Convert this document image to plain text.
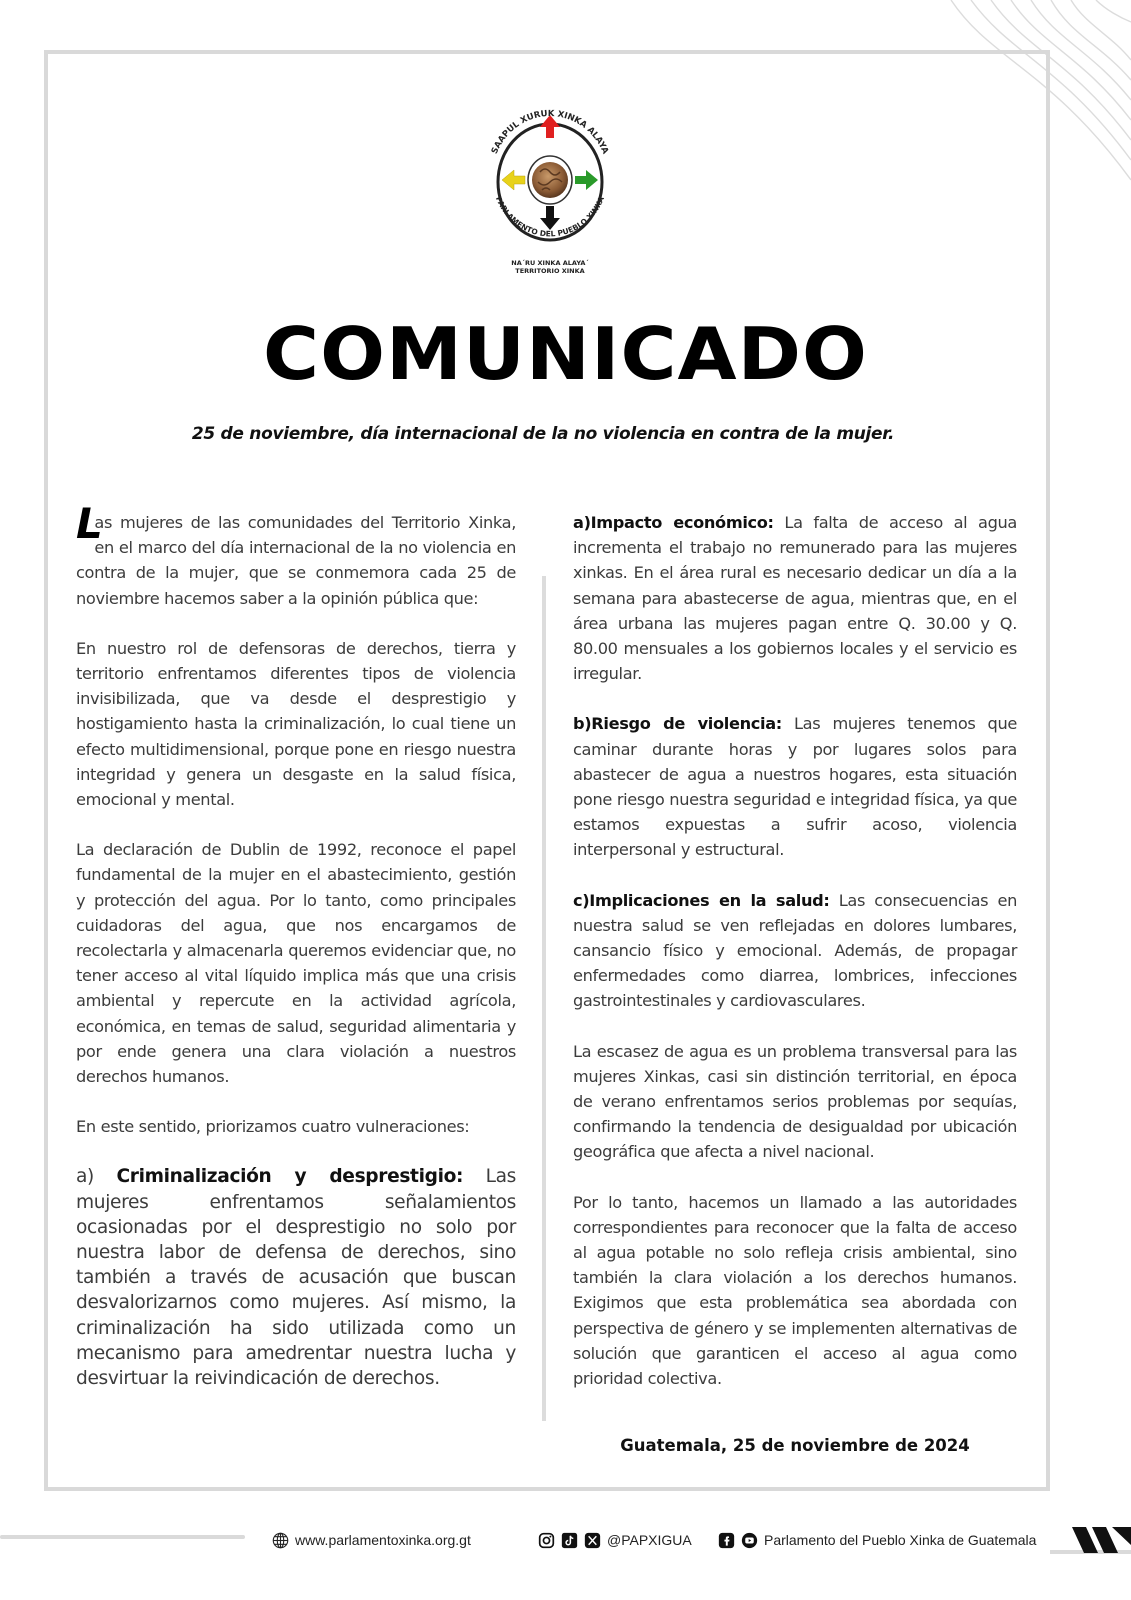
SAAPUL XURUK XINKA ALAYA
PARLAMENTO DEL PUEBLO XINKA
NA´RU XINKA ALAYA´
TERRITORIO XINKA
COMUNICADO
25 de noviembre, día internacional de la no violencia en contra de la mujer.

L
as mujeres de las comunidades del Territorio Xinka, en el marco del día internacional de la no violencia en contra de la mujer, que se conmemora cada 25 de noviembre hacemos saber a la opinión pública que:

En nuestro rol de defensoras de derechos, tierra y territorio enfrentamos diferentes tipos de violencia invisibilizada, que va desde el desprestigio y hostigamiento hasta la criminalización, lo cual tiene un efecto multidimensional, porque pone en riesgo nuestra integridad y genera un desgaste en la salud física, emocional y mental.

La declaración de Dublin de 1992, reconoce el papel fundamental de la mujer en el abastecimiento, gestión y protección del agua. Por lo tanto, como principales cuidadoras del agua, que nos encargamos de recolectarla y almacenarla queremos evidenciar que, no tener acceso al vital líquido implica más que una crisis ambiental y repercute en la actividad agrícola, económica, en temas de salud, seguridad alimentaria y por ende genera una clara violación a nuestros derechos humanos.

En este sentido, priorizamos cuatro vulneraciones:

a) Criminalización y desprestigio: Las mujeres enfrentamos señalamientos ocasionadas por el desprestigio no solo por nuestra labor de defensa de derechos, sino también a través de acusación que buscan desvalorizarnos como mujeres. Así mismo, la criminalización ha sido utilizada como un mecanismo para amedrentar nuestra lucha y desvirtuar la reivindicación de derechos.

a)Impacto económico: La falta de acceso al agua incrementa el trabajo no remunerado para las mujeres xinkas. En el área rural es necesario dedicar un día a la semana para abastecerse de agua, mientras que, en el área urbana las mujeres pagan entre Q. 30.00 y Q. 80.00 mensuales a los gobiernos locales y el servicio es irregular.

b)Riesgo de violencia: Las mujeres tenemos que caminar durante horas y por lugares solos para abastecer de agua a nuestros hogares, esta situación pone riesgo nuestra seguridad e integridad física, ya que estamos expuestas a sufrir acoso, violencia interpersonal y estructural.

c)Implicaciones en la salud: Las consecuencias en nuestra salud se ven reflejadas en dolores lumbares, cansancio físico y emocional. Además, de propagar enfermedades como diarrea, lombrices, infecciones gastrointestinales y cardiovasculares.

La escasez de agua es un problema transversal para las mujeres Xinkas, casi sin distinción territorial, en época de verano enfrentamos serios problemas por sequías, confirmando la tendencia de desigualdad por ubicación geográfica que afecta a nivel nacional.

Por lo tanto, hacemos un llamado a las autoridades correspondientes para reconocer que la falta de acceso al agua potable no solo refleja crisis ambiental, sino también la clara violación a los derechos humanos. Exigimos que esta problemática sea abordada con perspectiva de género y se implementen alternativas de solución que garanticen el acceso al agua como prioridad colectiva.

Guatemala, 25 de noviembre de 2024
www.parlamentoxinka.org.gt	@PAPXIGUA	Parlamento del Pueblo Xinka de Guatemala
